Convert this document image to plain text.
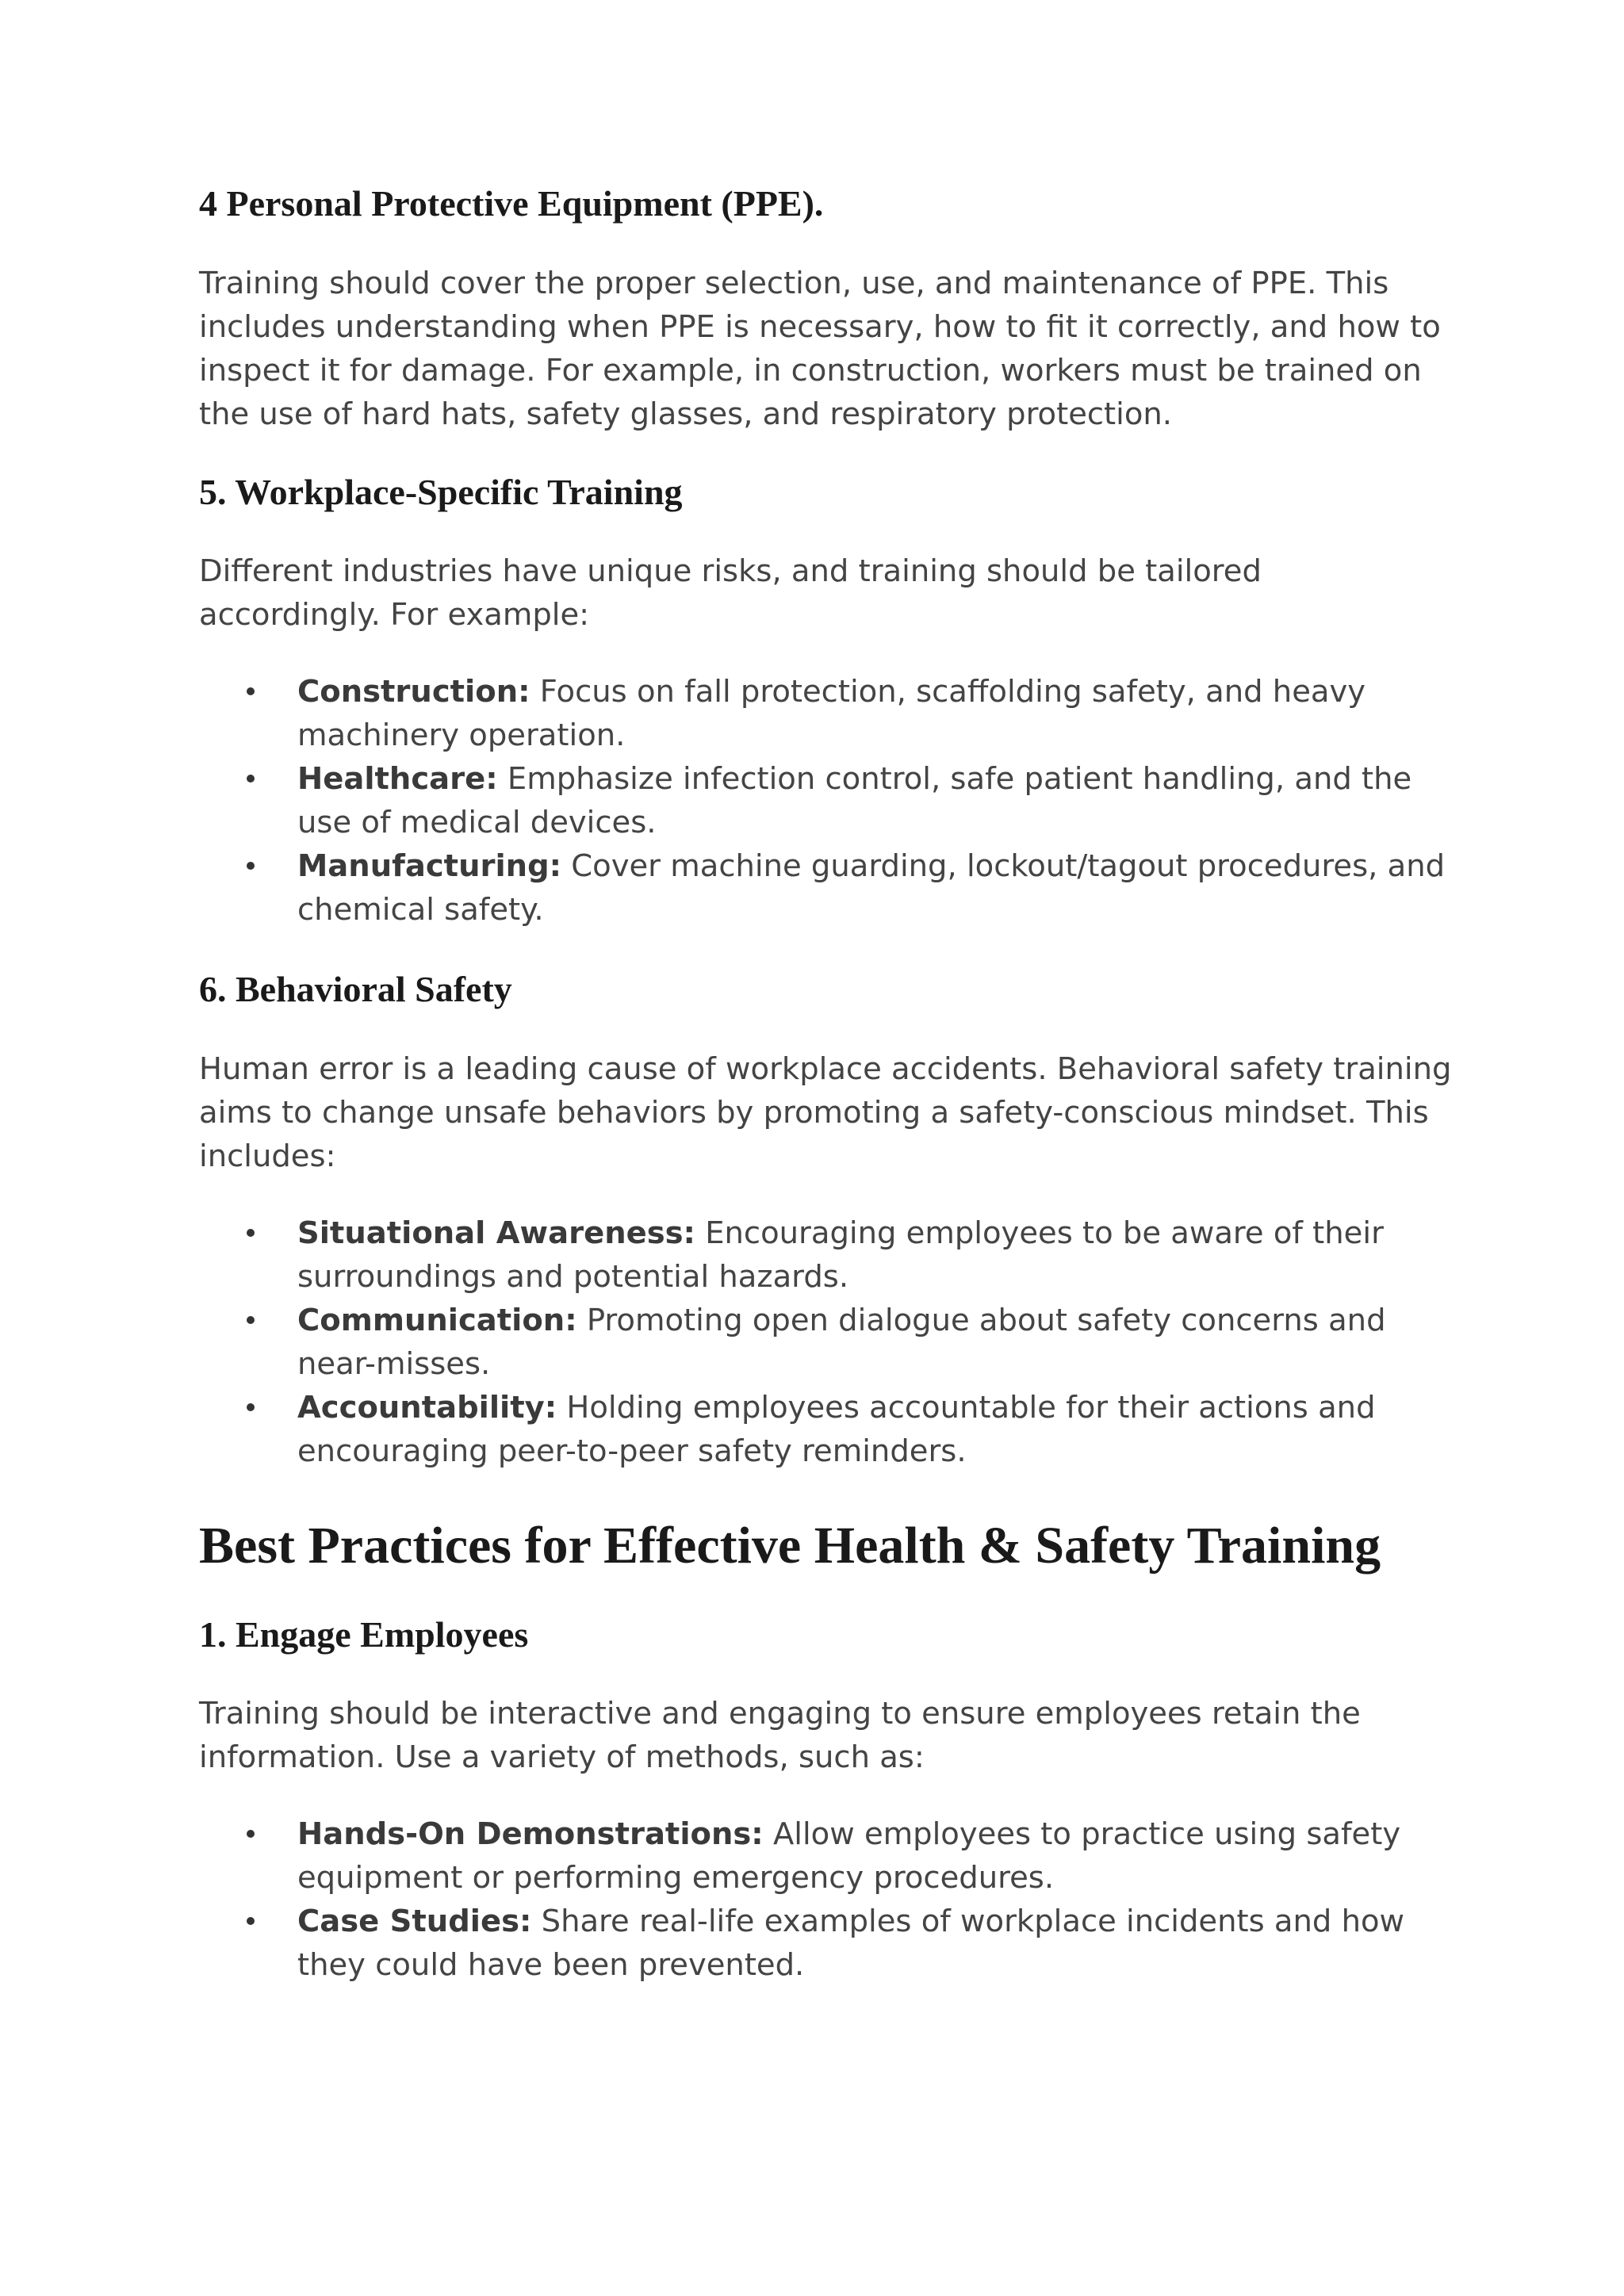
4 Personal Protective Equipment (PPE).

Training should cover the proper selection, use, and maintenance of PPE. This includes understanding when PPE is necessary, how to fit it correctly, and how to inspect it for damage. For example, in construction, workers must be trained on the use of hard hats, safety glasses, and respiratory protection.

5. Workplace-Specific Training

Different industries have unique risks, and training should be tailored accordingly. For example:

Construction: Focus on fall protection, scaffolding safety, and heavy machinery operation.
Healthcare: Emphasize infection control, safe patient handling, and the use of medical devices.
Manufacturing: Cover machine guarding, lockout/tagout procedures, and chemical safety.
6. Behavioral Safety

Human error is a leading cause of workplace accidents. Behavioral safety training aims to change unsafe behaviors by promoting a safety-conscious mindset. This includes:

Situational Awareness: Encouraging employees to be aware of their surroundings and potential hazards.
Communication: Promoting open dialogue about safety concerns and near-misses.
Accountability: Holding employees accountable for their actions and encouraging peer-to-peer safety reminders.
Best Practices for Effective Health & Safety Training
1. Engage Employees

Training should be interactive and engaging to ensure employees retain the information. Use a variety of methods, such as:

Hands-On Demonstrations: Allow employees to practice using safety equipment or performing emergency procedures.
Case Studies: Share real-life examples of workplace incidents and how they could have been prevented.
